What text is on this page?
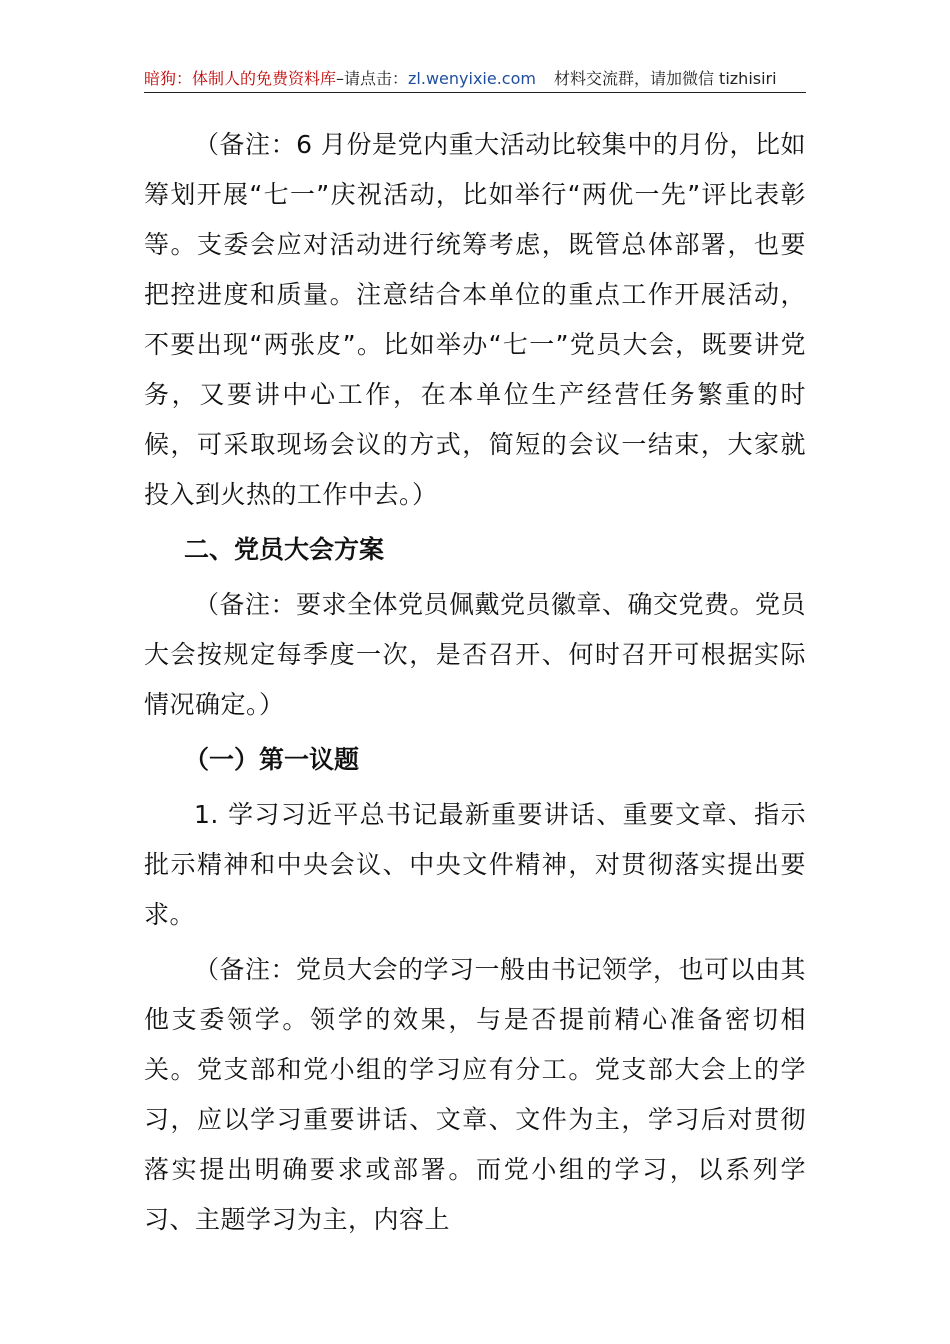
暗狗：体制人的免费资料库–请点击：zl.wenyixie.com 材料交流群，请加微信 tizhisiri

（备注：6 月份是党内重大活动比较集中的月份，比如筹划开展“七一”庆祝活动，比如举行“两优一先”评比表彰等。支委会应对活动进行统筹考虑，既管总体部署，也要把控进度和质量。注意结合本单位的重点工作开展活动，不要出现“两张皮”。比如举办“七一”党员大会，既要讲党务，又要讲中心工作，在本单位生产经营任务繁重的时候，可采取现场会议的方式，简短的会议一结束，大家就投入到火热的工作中去。）

二、党员大会方案

（备注：要求全体党员佩戴党员徽章、确交党费。党员大会按规定每季度一次，是否召开、何时召开可根据实际情况确定。）

（一）第一议题

1. 学习习近平总书记最新重要讲话、重要文章、指示批示精神和中央会议、中央文件精神，对贯彻落实提出要求。

（备注：党员大会的学习一般由书记领学，也可以由其他支委领学。领学的效果，与是否提前精心准备密切相关。党支部和党小组的学习应有分工。党支部大会上的学习，应以学习重要讲话、文章、文件为主，学习后对贯彻落实提出明确要求或部署。而党小组的学习，以系列学习、主题学习为主，内容上
